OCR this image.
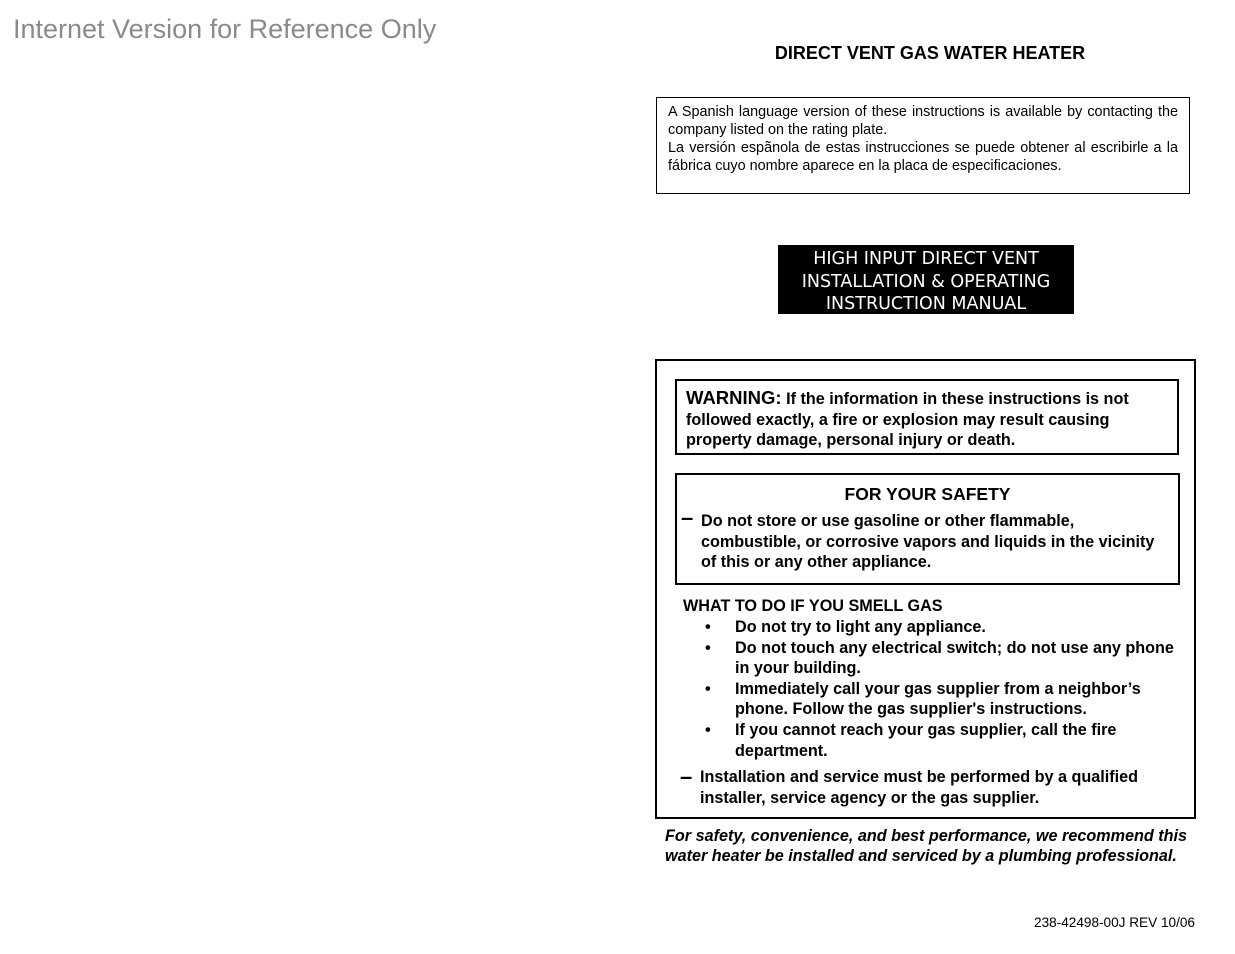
Internet Version for Reference Only
DIRECT VENT GAS WATER HEATER

A Spanish language version of these instructions is available by contacting the company listed on the rating plate.

La versión espãnola de estas instrucciones se puede obtener al escribirle a la fábrica cuyo nombre aparece en la placa de especificaciones.

HIGH INPUT DIRECT VENT
INSTALLATION & OPERATING
INSTRUCTION MANUAL
WARNING: If the information in these instructions is not followed exactly, a fire or explosion may result causing property damage, personal injury or death.
FOR YOUR SAFETY
– Do not store or use gasoline or other flammable, combustible, or corrosive vapors and liquids in the vicinity of this or any other appliance.
WHAT TO DO IF YOU SMELL GAS
• Do not try to light any appliance.
• Do not touch any electrical switch; do not use any phone in your building.
• Immediately call your gas supplier from a neighbor’s phone. Follow the gas supplier's instructions.
• If you cannot reach your gas supplier, call the fire department.
– Installation and service must be performed by a qualified installer, service agency or the gas supplier.
For safety, convenience, and best performance, we recommend this water heater be installed and serviced by a plumbing professional.
238-42498-00J REV 10/06
